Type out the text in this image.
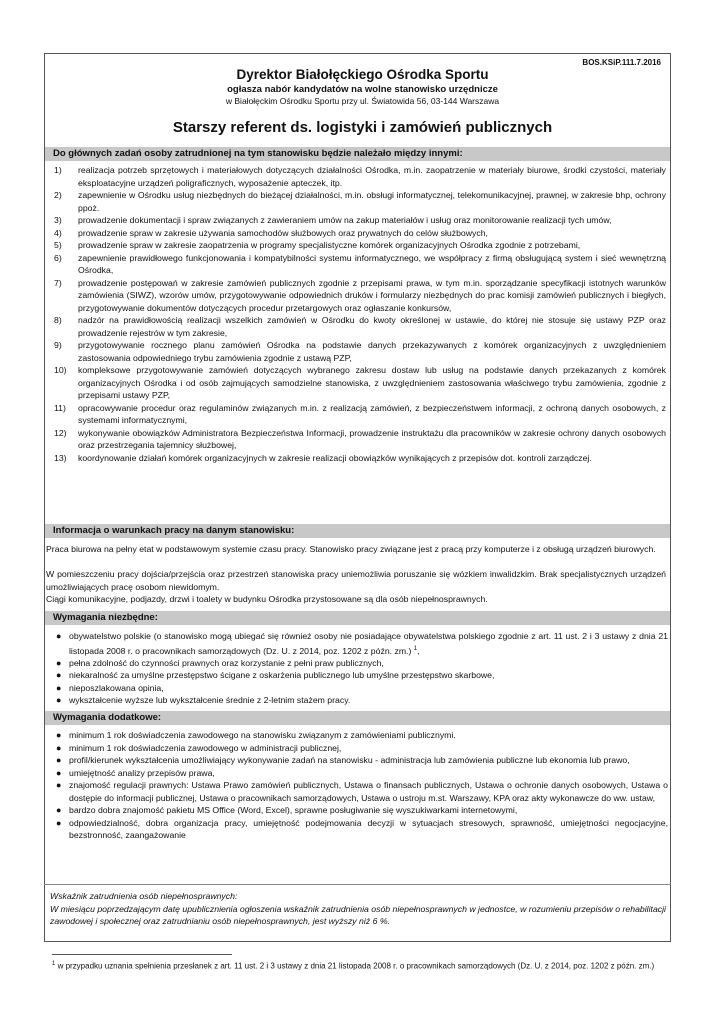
BOS.KSiP.111.7.2016
Dyrektor Białołęckiego Ośrodka Sportu
ogłasza nabór kandydatów na wolne stanowisko urzędnicze
w Białołęckim Ośrodku Sportu przy ul. Światowida 56, 03-144 Warszawa
Starszy referent ds. logistyki i zamówień publicznych
Do głównych zadań osoby zatrudnionej na tym stanowisku będzie należało między innymi:
1) realizacja potrzeb sprzętowych i materiałowych dotyczących działalności Ośrodka, m.in. zaopatrzenie w materiały biurowe, środki czystości, materiały eksploatacyjne urządzeń poligraficznych, wyposażenie apteczek, itp.
2) zapewnienie w Ośrodku usług niezbędnych do bieżącej działalności, m.in. obsługi informatycznej, telekomunikacyjnej, prawnej, w zakresie bhp, ochrony ppoż.
3) prowadzenie dokumentacji i spraw związanych z zawieraniem umów na zakup materiałów i usług oraz monitorowanie realizacji tych umów,
4) prowadzenie spraw w zakresie używania samochodów służbowych oraz prywatnych do celów służbowych,
5) prowadzenie spraw w zakresie zaopatrzenia w programy specjalistyczne komórek organizacyjnych Ośrodka zgodnie z potrzebami,
6) zapewnienie prawidłowego funkcjonowania i kompatybilności systemu informatycznego, we współpracy z firmą obsługującą system i sieć wewnętrzną Ośrodka,
7) prowadzenie postępowań w zakresie zamówień publicznych zgodnie z przepisami prawa, w tym m.in. sporządzanie specyfikacji istotnych warunków zamówienia (SIWZ), wzorów umów, przygotowywanie odpowiednich druków i formularzy niezbędnych do prac komisji zamówień publicznych i biegłych, przygotowywanie dokumentów dotyczących procedur przetargowych oraz ogłaszanie konkursów,
8) nadzór na prawidłowością realizacji wszelkich zamówień w Ośrodku do kwoty określonej w ustawie, do której nie stosuje się ustawy PZP oraz prowadzenie rejestrów w tym zakresie,
9) przygotowywanie rocznego planu zamówień Ośrodka na podstawie danych przekazywanych z komórek organizacyjnych z uwzględnieniem zastosowania odpowiedniego trybu zamówienia zgodnie z ustawą PZP,
10) kompleksowe przygotowywanie zamówień dotyczących wybranego zakresu dostaw lub usług na podstawie danych przekazanych z komórek organizacyjnych Ośrodka i od osób zajmujących samodzielne stanowiska, z uwzględnieniem zastosowania właściwego trybu zamówienia, zgodnie z przepisami ustawy PZP,
11) opracowywanie procedur oraz regulaminów związanych m.in. z realizacją zamówień, z bezpieczeństwem informacji, z ochroną danych osobowych, z systemami informatycznymi,
12) wykonywanie obowiązków Administratora Bezpieczeństwa Informacji, prowadzenie instruktażu dla pracowników w zakresie ochrony danych osobowych oraz przestrzegania tajemnicy służbowej,
13) koordynowanie działań komórek organizacyjnych w zakresie realizacji obowiązków wynikających z przepisów dot. kontroli zarządczej.
Informacja o warunkach pracy na danym stanowisku:
Praca biurowa na pełny etat w podstawowym systemie czasu pracy. Stanowisko pracy związane jest z pracą przy komputerze i z obsługą urządzeń biurowych.
W pomieszczeniu pracy dojścia/przejścia oraz przestrzeń stanowiska pracy uniemożliwia poruszanie się wózkiem inwalidzkim. Brak specjalistycznych urządzeń umożliwiających pracę osobom niewidomym.
Ciągi komunikacyjne, podjazdy, drzwi i toalety w budynku Ośrodka przystosowane są dla osób niepełnosprawnych.
Wymagania niezbędne:
● obywatelstwo polskie (o stanowisko mogą ubiegać się również osoby nie posiadające obywatelstwa polskiego zgodnie z art. 11 ust. 2 i 3 ustawy z dnia 21 listopada 2008 r. o pracownikach samorządowych (Dz. U. z 2014, poz. 1202 z późn. zm.) $^1$,
● pełna zdolność do czynności prawnych oraz korzystanie z pełni praw publicznych,
● niekaralność za umyślne przestępstwo ścigane z oskarżenia publicznego lub umyślne przestępstwo skarbowe,
● nieposzlakowana opinia,
● wykształcenie wyższe lub wykształcenie średnie z 2-letnim stażem pracy.
Wymagania dodatkowe:
● minimum 1 rok doświadczenia zawodowego na stanowisku związanym z zamówieniami publicznymi.
● minimum 1 rok doświadczenia zawodowego w administracji publicznej,
● profil/kierunek wykształcenia umożliwiający wykonywanie zadań na stanowisku - administracja lub zamówienia publiczne lub ekonomia lub prawo,
● umiejętność analizy przepisów prawa,
● znajomość regulacji prawnych: Ustawa Prawo zamówień publicznych, Ustawa o finansach publicznych, Ustawa o ochronie danych osobowych, Ustawa o dostępie do informacji publicznej, Ustawa o pracownikach samorządowych, Ustawa o ustroju m.st. Warszawy, KPA oraz akty wykonawcze do ww. ustaw,
● bardzo dobra znajomość pakietu MS Office (Word, Excel), sprawne posługiwanie się wyszukiwarkami internetowymi,
● odpowiedzialność, dobra organizacja pracy, umiejętność podejmowania decyzji w sytuacjach stresowych, sprawność, umiejętności negocjacyjne, bezstronność, zaangażowanie
Wskaźnik zatrudnienia osób niepełnosprawnych:
W miesiącu poprzedzającym datę upublicznienia ogłoszenia wskaźnik zatrudnienia osób niepełnosprawnych w jednostce, w rozumieniu przepisów o rehabilitacji zawodowej i społecznej oraz zatrudnianiu osób niepełnosprawnych, jest wyższy niż 6 %.
$^1$ w przypadku uznania spełnienia przesłanek z art. 11 ust. 2 i 3 ustawy z dnia 21 listopada 2008 r. o pracownikach samorządowych (Dz. U. z 2014, poz. 1202 z późn. zm.)
